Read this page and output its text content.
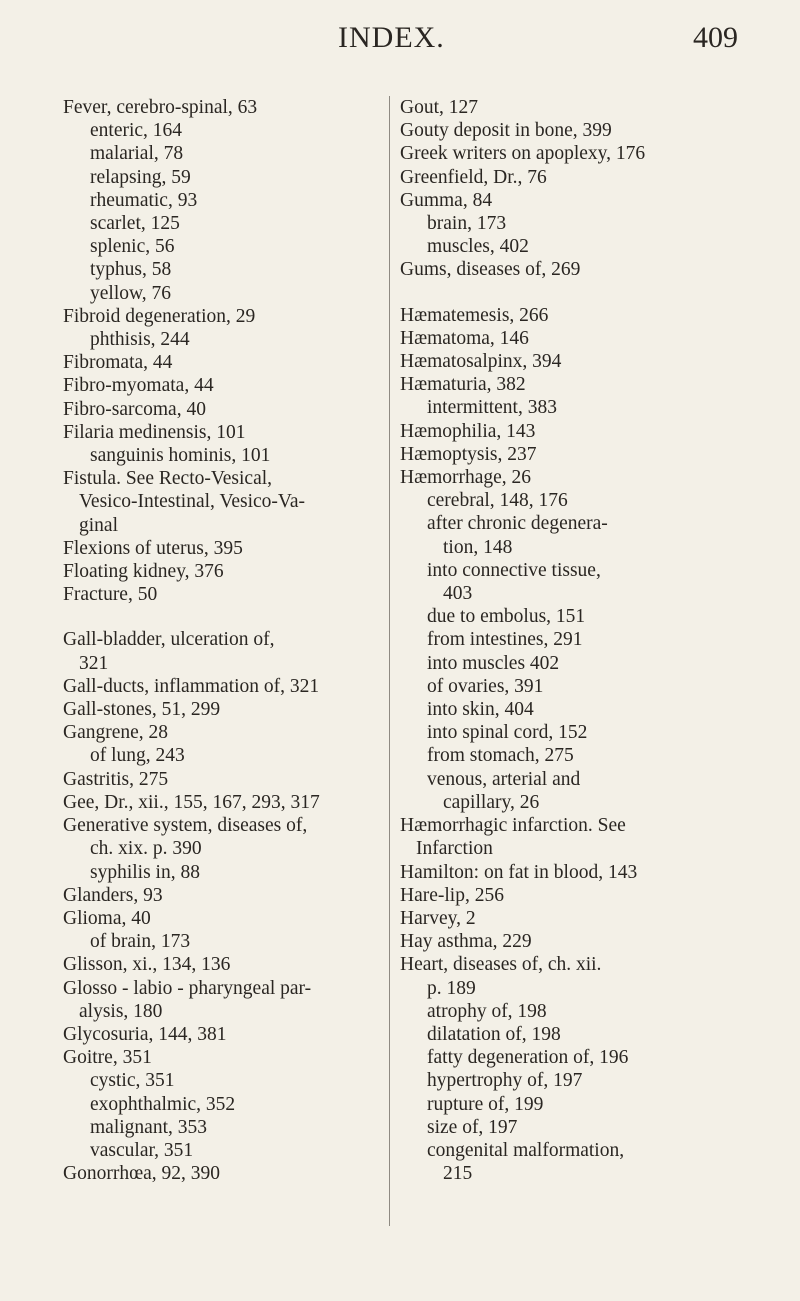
INDEX.	409
Fever, cerebro-spinal, 63
enteric, 164
malarial, 78
relapsing, 59
rheumatic, 93
scarlet, 125
splenic, 56
typhus, 58
yellow, 76
Fibroid degeneration, 29
phthisis, 244
Fibromata, 44
Fibro-myomata, 44
Fibro-sarcoma, 40
Filaria medinensis, 101
sanguinis hominis, 101
Fistula. See Recto-Vesical,
Vesico-Intestinal, Vesico-Va-
ginal
Flexions of uterus, 395
Floating kidney, 376
Fracture, 50
Gall-bladder, ulceration of,
321
Gall-ducts, inflammation of, 321
Gall-stones, 51, 299
Gangrene, 28
of lung, 243
Gastritis, 275
Gee, Dr., xii., 155, 167, 293, 317
Generative system, diseases of,
ch. xix. p. 390
syphilis in, 88
Glanders, 93
Glioma, 40
of brain, 173
Glisson, xi., 134, 136
Glosso - labio - pharyngeal par-
alysis, 180
Glycosuria, 144, 381
Goitre, 351
cystic, 351
exophthalmic, 352
malignant, 353
vascular, 351
Gonorrhœa, 92, 390
Gout, 127
Gouty deposit in bone, 399
Greek writers on apoplexy, 176
Greenfield, Dr., 76
Gumma, 84
brain, 173
muscles, 402
Gums, diseases of, 269
Hæmatemesis, 266
Hæmatoma, 146
Hæmatosalpinx, 394
Hæmaturia, 382
intermittent, 383
Hæmophilia, 143
Hæmoptysis, 237
Hæmorrhage, 26
cerebral, 148, 176
after chronic degenera-
tion, 148
into connective tissue,
403
due to embolus, 151
from intestines, 291
into muscles 402
of ovaries, 391
into skin, 404
into spinal cord, 152
from stomach, 275
venous, arterial and
capillary, 26
Hæmorrhagic infarction. See
Infarction
Hamilton: on fat in blood, 143
Hare-lip, 256
Harvey, 2
Hay asthma, 229
Heart, diseases of, ch. xii.
p. 189
atrophy of, 198
dilatation of, 198
fatty degeneration of, 196
hypertrophy of, 197
rupture of, 199
size of, 197
congenital malformation,
215
